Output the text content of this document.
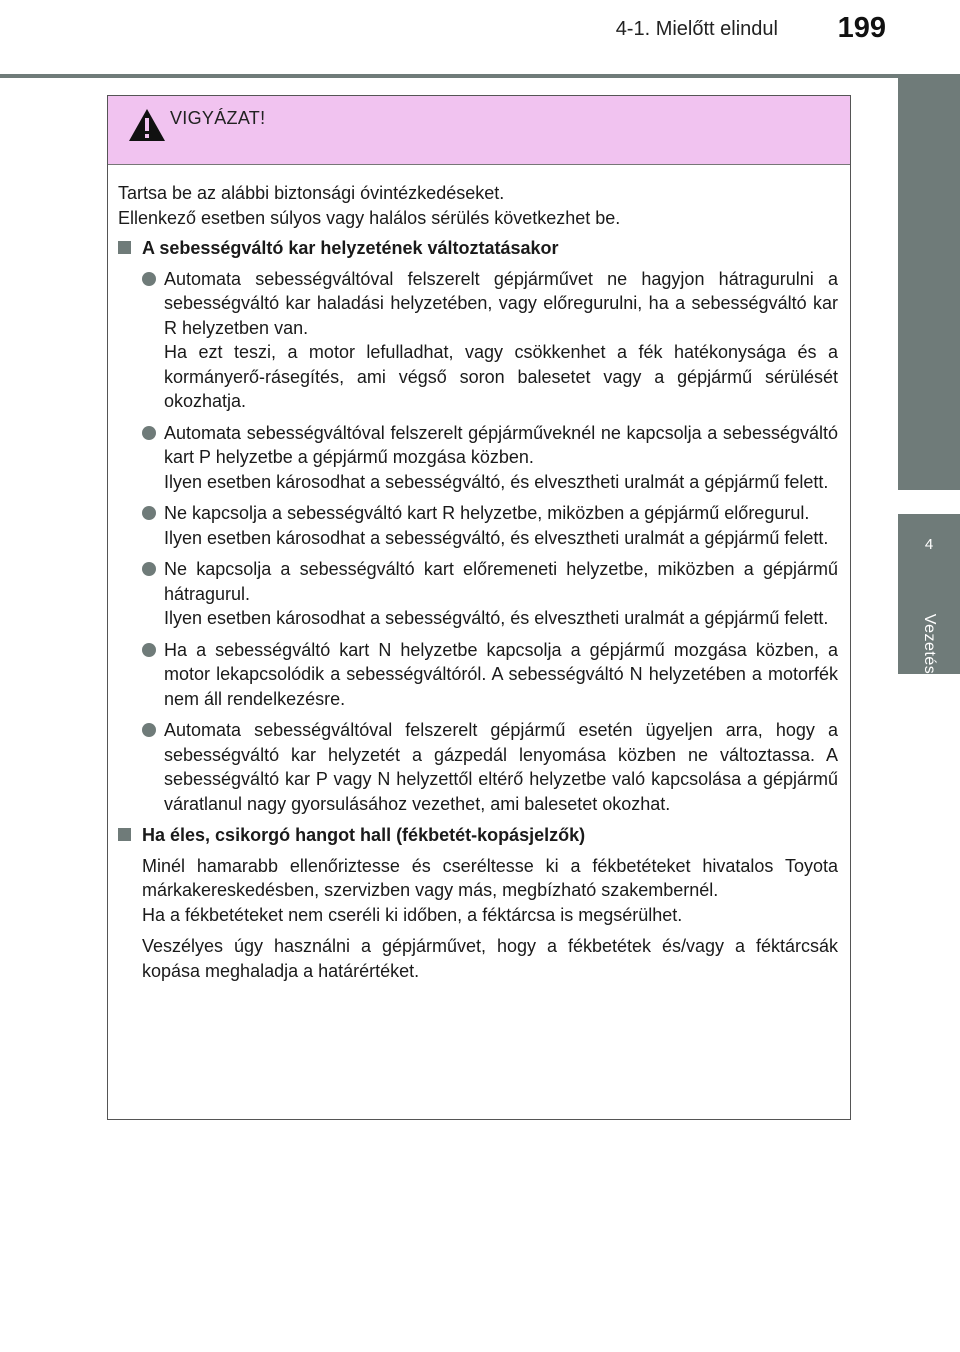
4-1. Mielőtt elindul 199
4
Vezetés
VIGYÁZAT!
Tartsa be az alábbi biztonsági óvintézkedéseket.
Ellenkező esetben súlyos vagy halálos sérülés következhet be.
A sebességváltó kar helyzetének változtatásakor

Automata sebességváltóval felszerelt gépjárművet ne hagyjon hátragurulni a sebességváltó kar haladási helyzetében, vagy előregurulni, ha a sebességváltó kar R helyzetben van.

Ha ezt teszi, a motor lefulladhat, vagy csökkenhet a fék hatékonysága és a kormányerő-rásegítés, ami végső soron balesetet vagy a gépjármű sérülését okozhatja.

Automata sebességváltóval felszerelt gépjárműveknél ne kapcsolja a sebességváltó kart P helyzetbe a gépjármű mozgása közben.

Ilyen esetben károsodhat a sebességváltó, és elvesztheti uralmát a gépjármű felett.

Ne kapcsolja a sebességváltó kart R helyzetbe, miközben a gépjármű előregurul.

Ilyen esetben károsodhat a sebességváltó, és elvesztheti uralmát a gépjármű felett.

Ne kapcsolja a sebességváltó kart előremeneti helyzetbe, miközben a gépjármű hátragurul.

Ilyen esetben károsodhat a sebességváltó, és elvesztheti uralmát a gépjármű felett.

Ha a sebességváltó kart N helyzetbe kapcsolja a gépjármű mozgása közben, a motor lekapcsolódik a sebességváltóról. A sebességváltó N helyzetében a motorfék nem áll rendelkezésre.

Automata sebességváltóval felszerelt gépjármű esetén ügyeljen arra, hogy a sebességváltó kar helyzetét a gázpedál lenyomása közben ne változtassa. A sebességváltó kar P vagy N helyzettől eltérő helyzetbe való kapcsolása a gépjármű váratlanul nagy gyorsulásához vezethet, ami balesetet okozhat.

Ha éles, csikorgó hangot hall (fékbetét-kopásjelzők)

Minél hamarabb ellenőriztesse és cseréltesse ki a fékbetéteket hivatalos Toyota márkakereskedésben, szervizben vagy más, megbízható szakembernél.

Ha a fékbetéteket nem cseréli ki időben, a féktárcsa is megsérülhet.

Veszélyes úgy használni a gépjárművet, hogy a fékbetétek és/vagy a féktárcsák kopása meghaladja a határértéket.
